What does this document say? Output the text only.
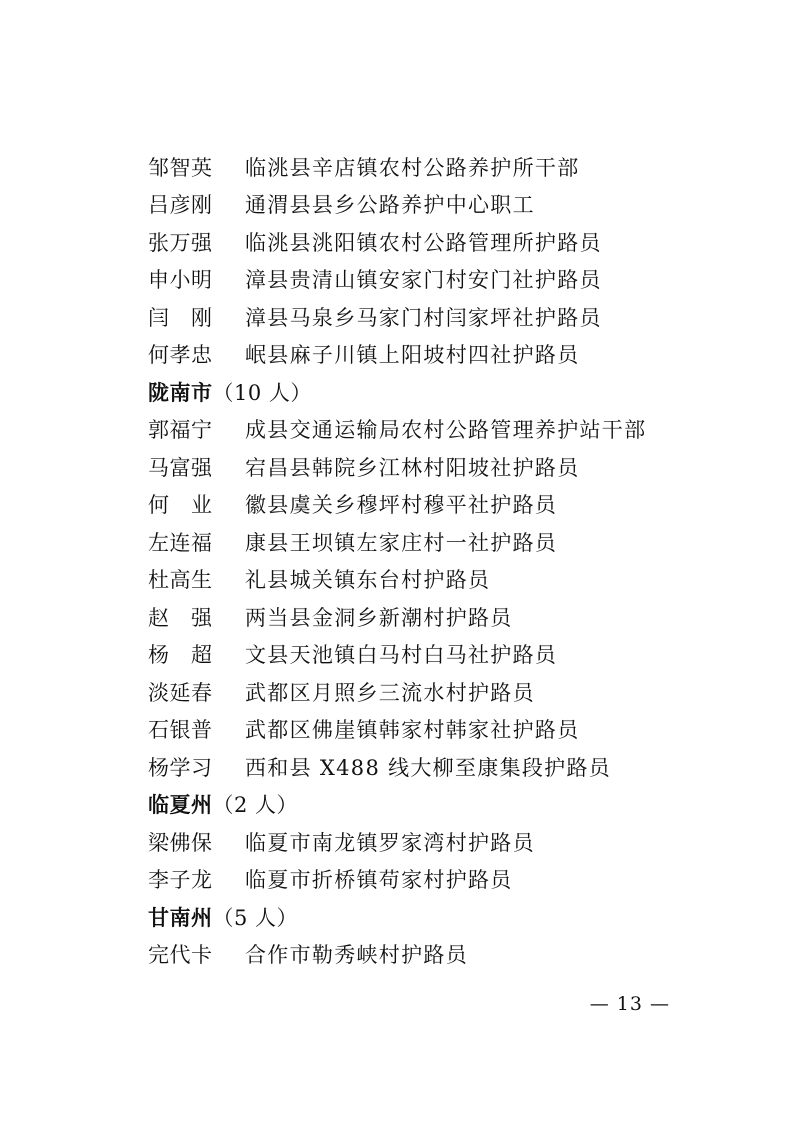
邹智英	临洮县辛店镇农村公路养护所干部
吕彦刚	通渭县县乡公路养护中心职工
张万强	临洮县洮阳镇农村公路管理所护路员
申小明	漳县贵清山镇安家门村安门社护路员
闫　刚	漳县马泉乡马家门村闫家坪社护路员
何孝忠	岷县麻子川镇上阳坡村四社护路员
陇南市 （10 人）
郭福宁	成县交通运输局农村公路管理养护站干部
马富强	宕昌县韩院乡江林村阳坡社护路员
何　业	徽县虞关乡穆坪村穆平社护路员
左连福	康县王坝镇左家庄村一社护路员
杜高生	礼县城关镇东台村护路员
赵　强	两当县金洞乡新潮村护路员
杨　超	文县天池镇白马村白马社护路员
淡延春	武都区月照乡三流水村护路员
石银普	武都区佛崖镇韩家村韩家社护路员
杨学习	西和县 X488 线大柳至康集段护路员
临夏州 （2 人）
梁佛保	临夏市南龙镇罗家湾村护路员
李子龙	临夏市折桥镇苟家村护路员
甘南州 （5 人）
完代卡	合作市勒秀峡村护路员
— 13 —
